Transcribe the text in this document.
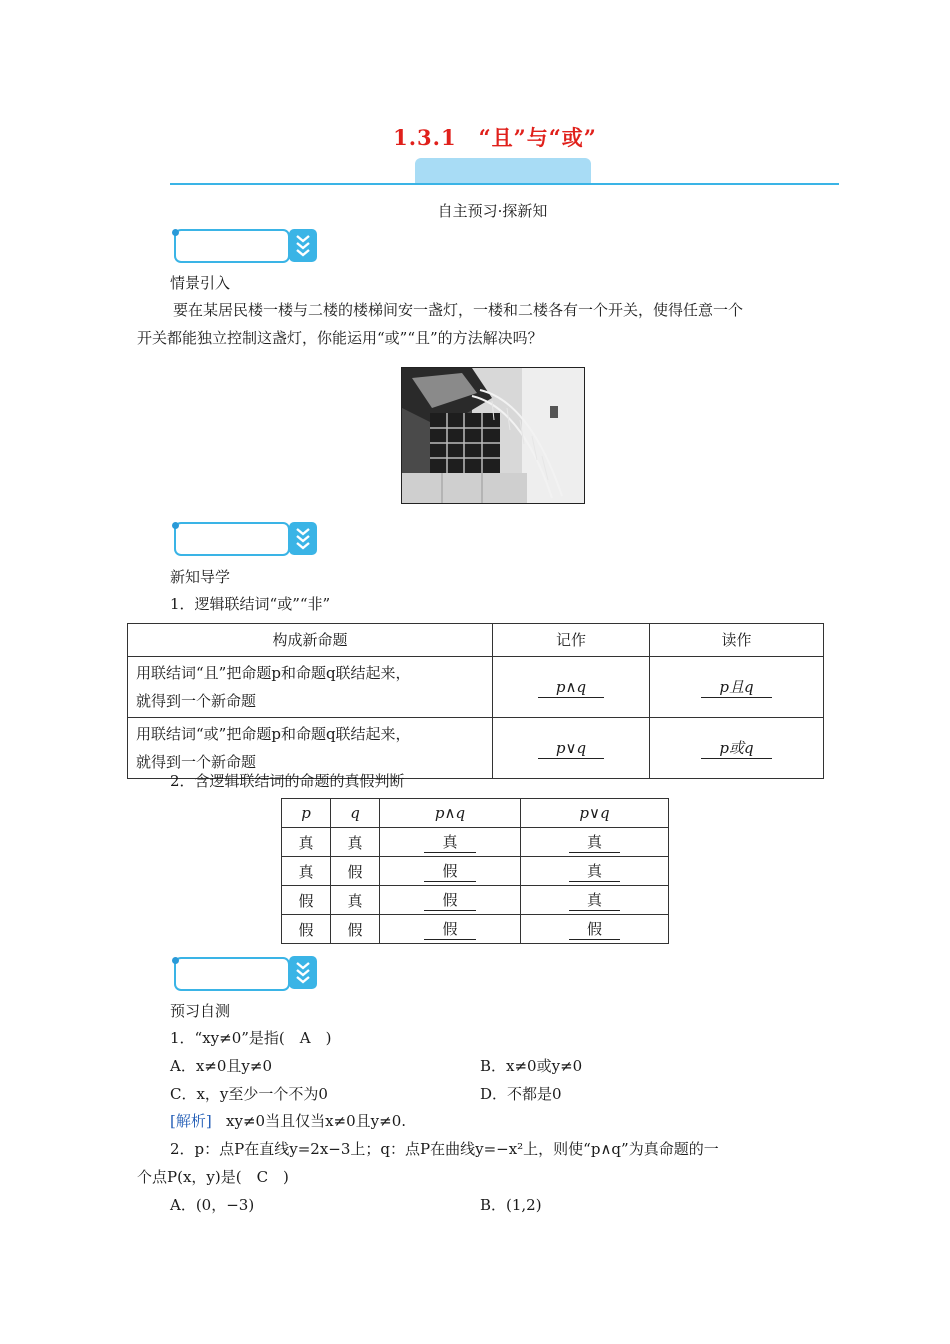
1.3.1　“且”与“或”
自主预习·探新知
情景引入
要在某居民楼一楼与二楼的楼梯间安一盏灯，一楼和二楼各有一个开关，使得任意一个
开关都能独立控制这盏灯，你能运用“或”“且”的方法解决吗？
新知导学
1．逻辑联结词“或”“非”
构成新命题	记作	读作

用联结词“且”把命题p和命题q联结起来，
就得到一个新命题	p∧q	p且q

用联结词“或”把命题p和命题q联结起来，
就得到一个新命题	p∨q	p或q
2．含逻辑联结词的命题的真假判断
p	q	p∧q	p∨q
真	真	真	真
真	假	假	真
假	真	假	真
假	假	假	假
预习自测
1．“xy≠0”是指(　A　)
A．x≠0且y≠0	B．x≠0或y≠0
C．x，y至少一个不为0	D．不都是0
[解析] xy≠0当且仅当x≠0且y≠0.
2．p：点P在直线y=2x−3上；q：点P在曲线y=−x²上，则使“p∧q”为真命题的一
个点P(x，y)是(　C　)
A．(0，−3)	B．(1,2)
